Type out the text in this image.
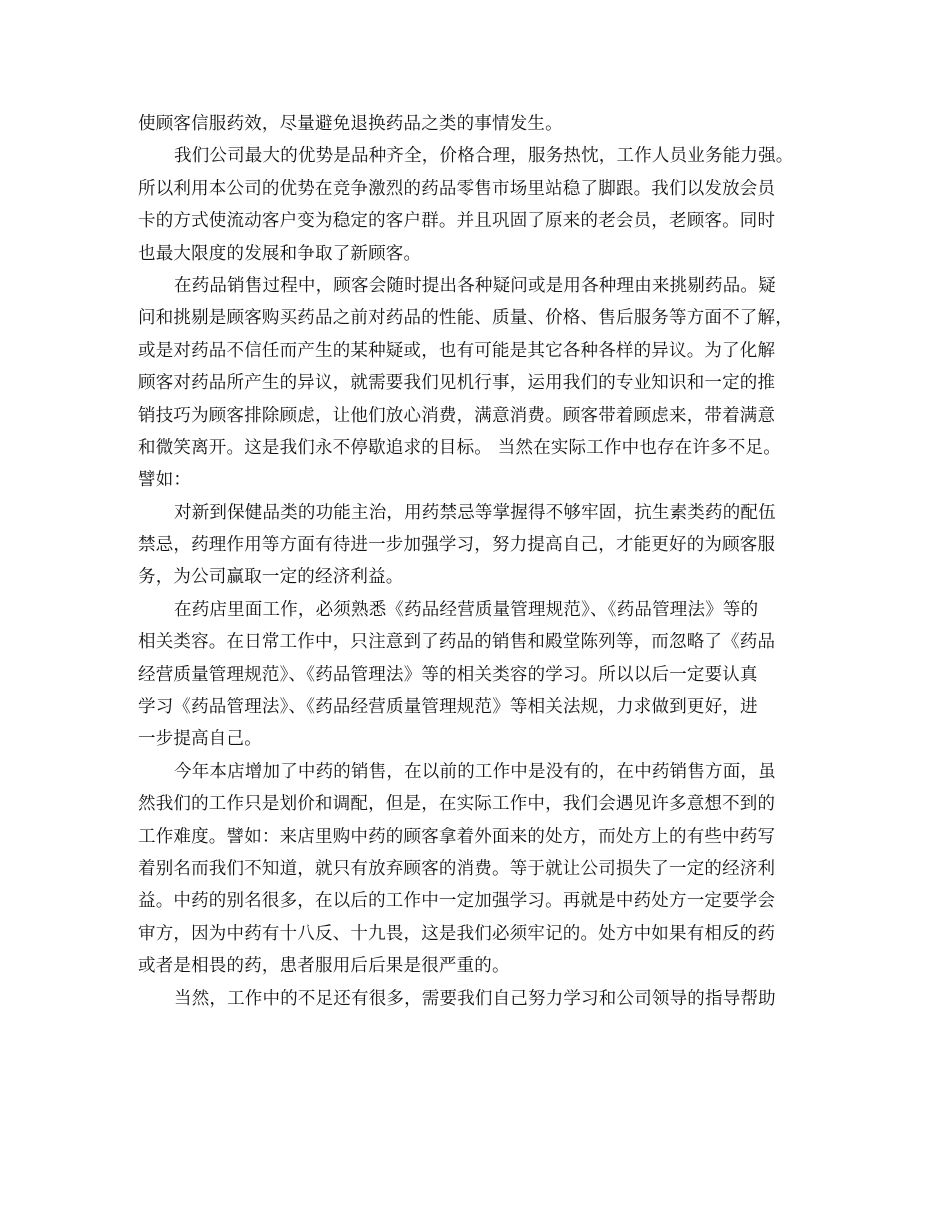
使顾客信服药效，尽量避免退换药品之类的事情发生。
我们公司最大的优势是品种齐全，价格合理，服务热忱，工作人员业务能力强。
所以利用本公司的优势在竞争激烈的药品零售市场里站稳了脚跟。我们以发放会员
卡的方式使流动客户变为稳定的客户群。并且巩固了原来的老会员，老顾客。同时
也最大限度的发展和争取了新顾客。
在药品销售过程中，顾客会随时提出各种疑问或是用各种理由来挑剔药品。疑
问和挑剔是顾客购买药品之前对药品的性能、质量、价格、售后服务等方面不了解，
或是对药品不信任而产生的某种疑或，也有可能是其它各种各样的异议。为了化解
顾客对药品所产生的异议，就需要我们见机行事，运用我们的专业知识和一定的推
销技巧为顾客排除顾虑，让他们放心消费，满意消费。顾客带着顾虑来，带着满意
和微笑离开。这是我们永不停歇追求的目标。 当然在实际工作中也存在许多不足。
譬如：
对新到保健品类的功能主治，用药禁忌等掌握得不够牢固，抗生素类药的配伍
禁忌，药理作用等方面有待进一步加强学习，努力提高自己，才能更好的为顾客服
务，为公司赢取一定的经济利益。
在药店里面工作，必须熟悉《药品经营质量管理规范》、《药品管理法》等的
相关类容。在日常工作中，只注意到了药品的销售和殿堂陈列等，而忽略了《药品
经营质量管理规范》、《药品管理法》等的相关类容的学习。所以以后一定要认真
学习《药品管理法》、《药品经营质量管理规范》等相关法规，力求做到更好，进
一步提高自己。
今年本店增加了中药的销售，在以前的工作中是没有的，在中药销售方面，虽
然我们的工作只是划价和调配，但是，在实际工作中，我们会遇见许多意想不到的
工作难度。譬如：来店里购中药的顾客拿着外面来的处方，而处方上的有些中药写
着别名而我们不知道，就只有放弃顾客的消费。等于就让公司损失了一定的经济利
益。中药的别名很多，在以后的工作中一定加强学习。再就是中药处方一定要学会
审方，因为中药有十八反、十九畏，这是我们必须牢记的。处方中如果有相反的药
或者是相畏的药，患者服用后后果是很严重的。
当然，工作中的不足还有很多，需要我们自己努力学习和公司领导的指导帮助
